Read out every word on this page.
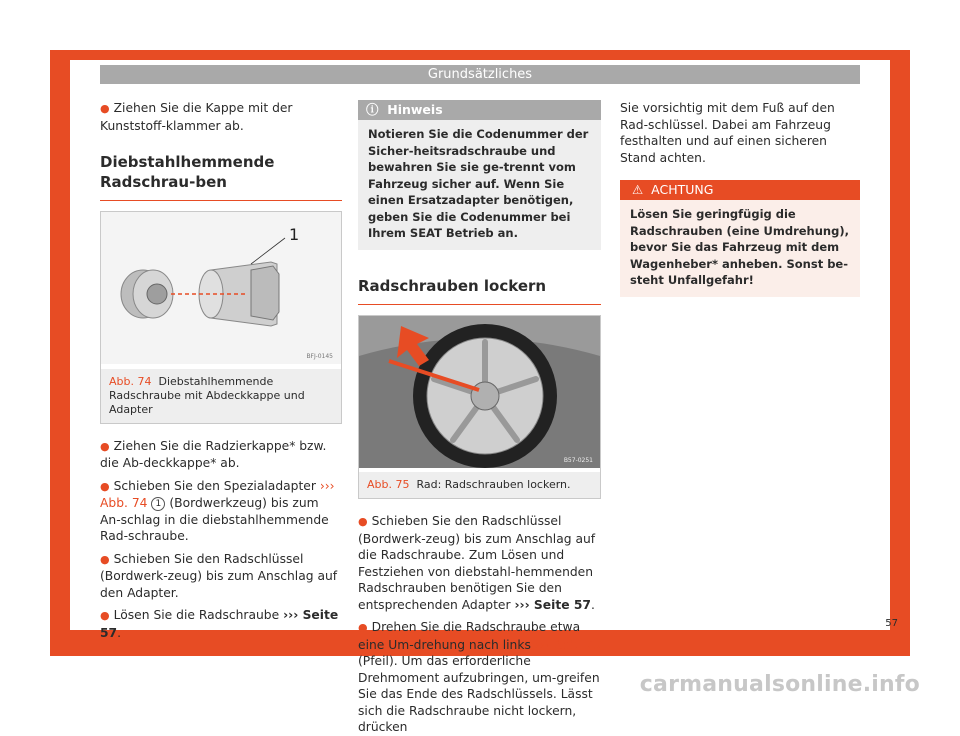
Grundsätzliches

● Ziehen Sie die Kappe mit der Kunststoff-klammer ab.

Diebstahlhemmende Radschrau-ben
1
BFJ-0145
Abb. 74 Diebstahlhemmende Radschraube mit Abdeckkappe und Adapter

● Ziehen Sie die Radzierkappe* bzw. die Ab-deckkappe* ab.

● Schieben Sie den Spezialadapter ››› Abb. 74 1 (Bordwerkzeug) bis zum An-schlag in die diebstahlhemmende Rad-schraube.

● Schieben Sie den Radschlüssel (Bordwerk-zeug) bis zum Anschlag auf den Adapter.

● Lösen Sie die Radschraube ››› Seite 57.

ⓘ Hinweis
Notieren Sie die Codenummer der Sicher-heitsradschraube und bewahren Sie sie ge-trennt vom Fahrzeug sicher auf. Wenn Sie einen Ersatzadapter benötigen, geben Sie die Codenummer bei Ihrem SEAT Betrieb an.
Radschrauben lockern
B57-0251
Abb. 75 Rad: Radschrauben lockern.

● Schieben Sie den Radschlüssel (Bordwerk-zeug) bis zum Anschlag auf die Radschraube. Zum Lösen und Festziehen von diebstahl-hemmenden Radschrauben benötigen Sie den entsprechenden Adapter ››› Seite 57.

● Drehen Sie die Radschraube etwa eine Um-drehung nach links ››› Abb. 75 (Pfeil). Um das erforderliche Drehmoment aufzubringen, um-greifen Sie das Ende des Radschlüssels. Lässt sich die Radschraube nicht lockern, drücken

Sie vorsichtig mit dem Fuß auf den Rad-schlüssel. Dabei am Fahrzeug festhalten und auf einen sicheren Stand achten.

⚠ ACHTUNG
Lösen Sie geringfügig die Radschrauben (eine Umdrehung), bevor Sie das Fahrzeug mit dem Wagenheber* anheben. Sonst be-steht Unfallgefahr!
57
carmanualsonline.info
